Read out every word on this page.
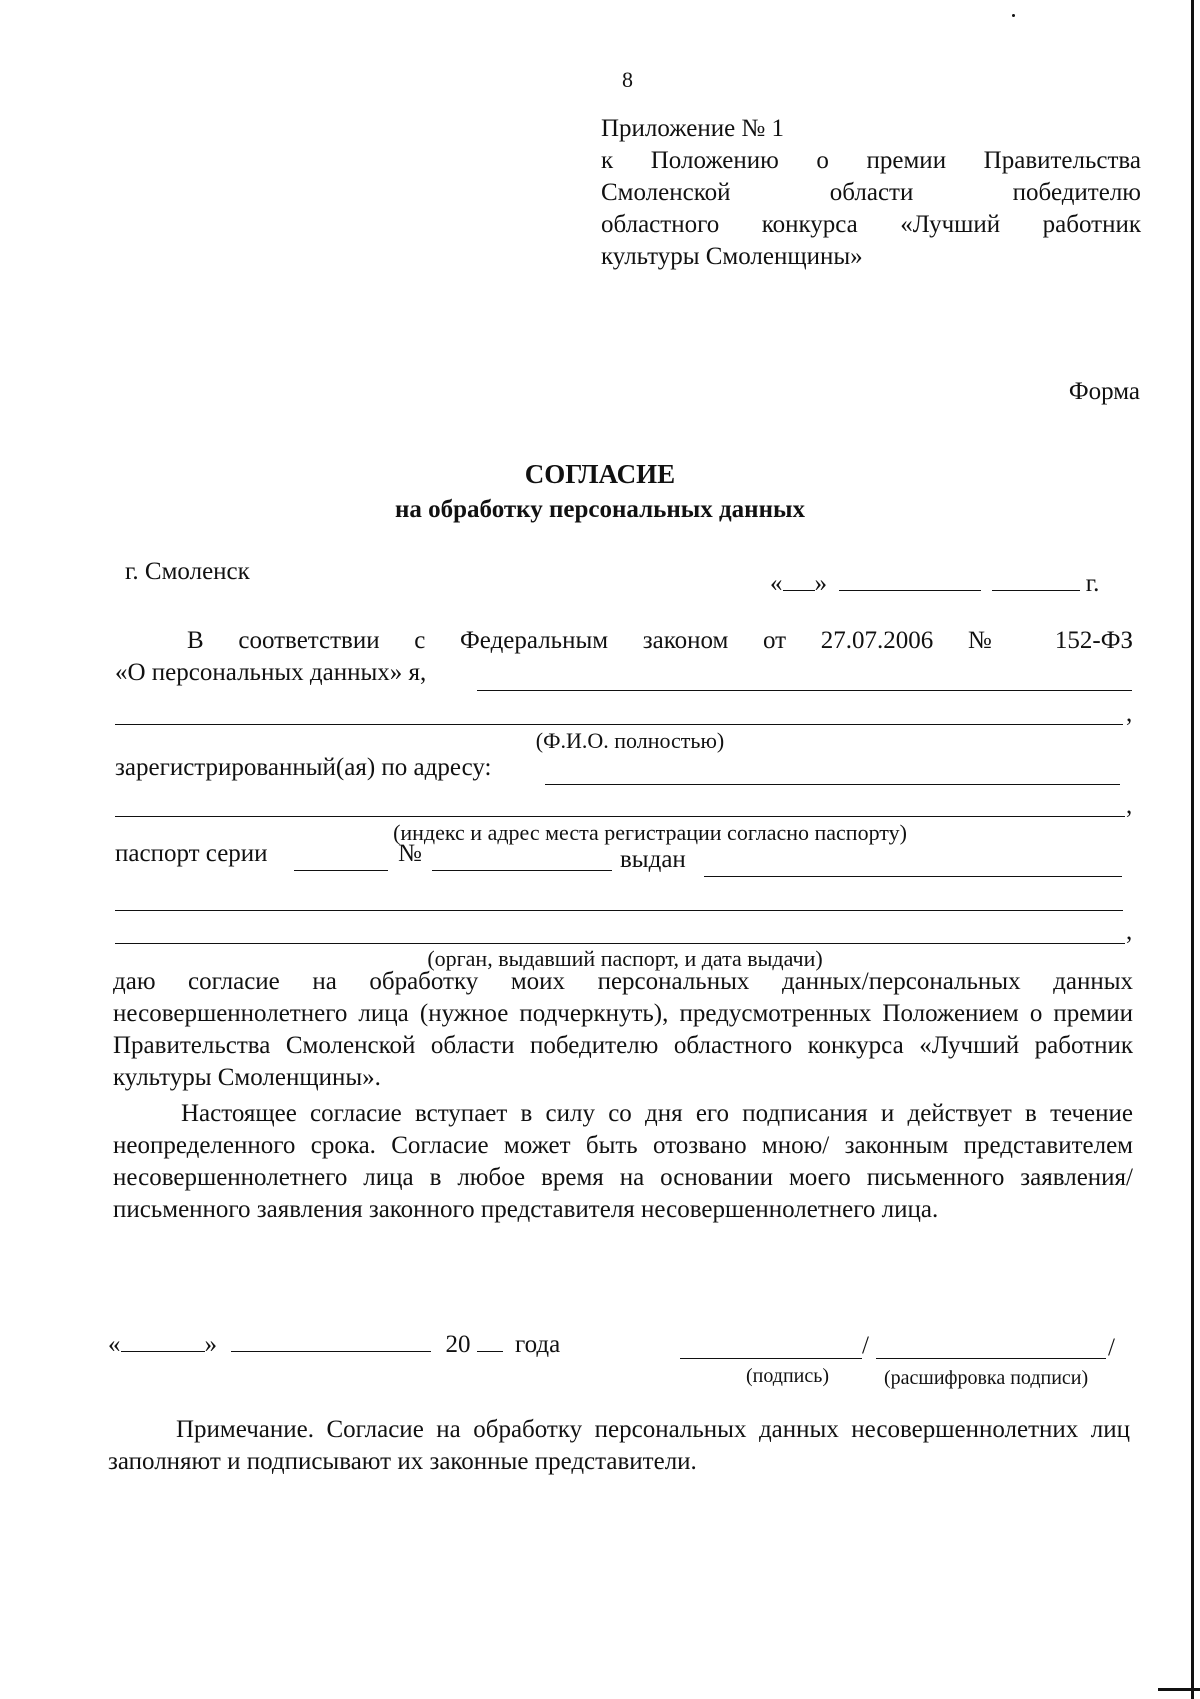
8
Приложение № 1
к Положению о премии Правительства
Смоленской области победителю
областного конкурса «Лучший работник
культуры Смоленщины»
Форма
СОГЛАСИЕ
на обработку персональных данных
г. Смоленск	« »	г.
В соответствии с Федеральным законом от 27.07.2006 № 152-ФЗ
«О персональных данных» я,
,
(Ф.И.О. полностью)
зарегистрированный(ая) по адресу:
,
(индекс и адрес места регистрации согласно паспорту)
паспорт серии	№	выдан
,
(орган, выдавший паспорт, и дата выдачи)

даю согласие на обработку моих персональных данных/персональных данных несовершеннолетнего лица (нужное подчеркнуть), предусмотренных Положением о премии Правительства Смоленской области победителю областного конкурса «Лучший работник культуры Смоленщины».

Настоящее согласие вступает в силу со дня его подписания и действует в течение неопределенного срока. Согласие может быть отозвано мною/ законным представителем несовершеннолетнего лица в любое время на основании моего письменного заявления/ письменного заявления законного представителя несовершеннолетнего лица.

«	»	20 года	/	/
(подпись)	(расшифровка подписи)

Примечание. Согласие на обработку персональных данных несовершеннолетних лиц заполняют и подписывают их законные представители.
